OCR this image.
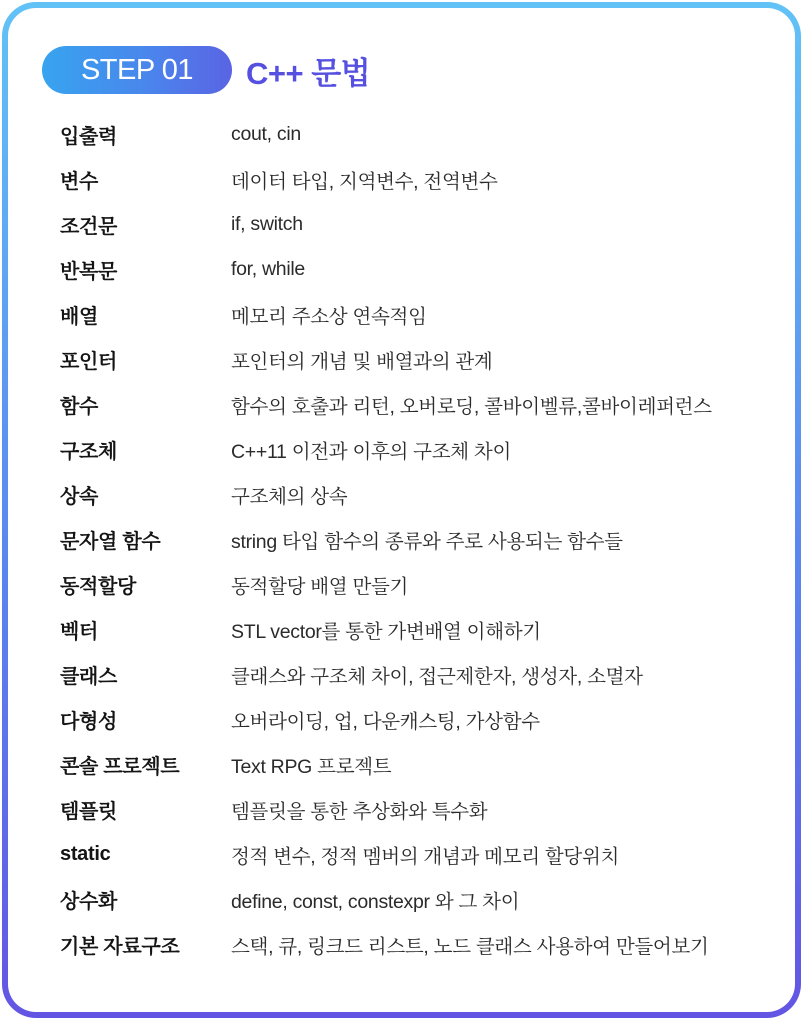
STEP 01	C++ 문법
입출력	cout, cin
변수	데이터 타입, 지역변수, 전역변수
조건문	if, switch
반복문	for, while
배열	메모리 주소상 연속적임
포인터	포인터의 개념 및 배열과의 관계
함수	함수의 호출과 리턴, 오버로딩, 콜바이벨류,콜바이레퍼런스
구조체	C++11 이전과 이후의 구조체 차이
상속	구조체의 상속
문자열 함수	string 타입 함수의 종류와 주로 사용되는 함수들
동적할당	동적할당 배열 만들기
벡터	STL vector를 통한 가변배열 이해하기
클래스	클래스와 구조체 차이, 접근제한자, 생성자, 소멸자
다형성	오버라이딩, 업, 다운캐스팅, 가상함수
콘솔 프로젝트	Text RPG 프로젝트
템플릿	템플릿을 통한 추상화와 특수화
static	정적 변수, 정적 멤버의 개념과 메모리 할당위치
상수화	define, const, constexpr 와 그 차이
기본 자료구조	스택, 큐, 링크드 리스트, 노드 클래스 사용하여 만들어보기
